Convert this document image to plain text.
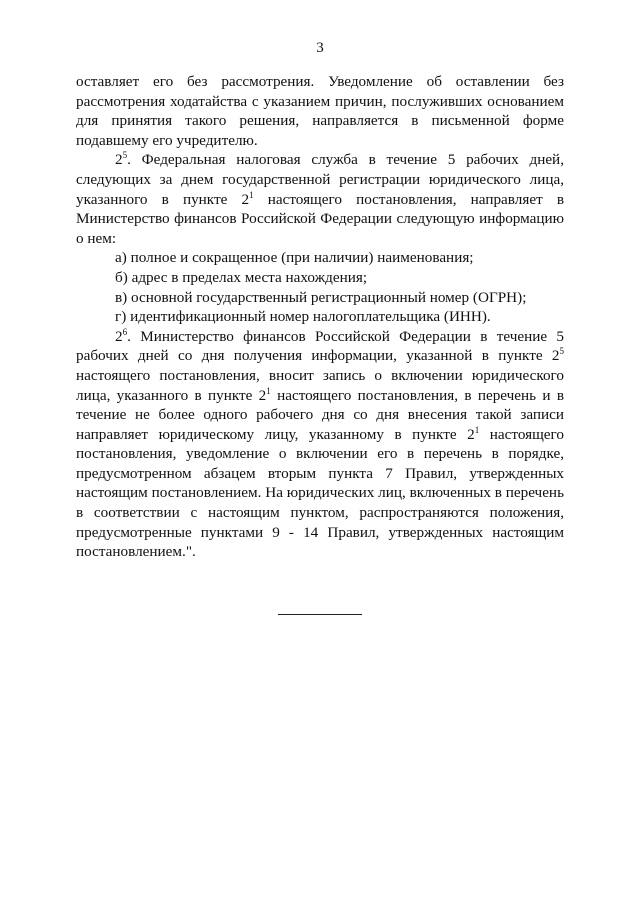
3

оставляет его без рассмотрения. Уведомление об оставлении без рассмотрения ходатайства с указанием причин, послуживших основанием для принятия такого решения, направляется в письменной форме подавшему его учредителю.

$2^5$. Федеральная налоговая служба в течение 5 рабочих дней, следующих за днем государственной регистрации юридического лица, указанного в пункте $2^1$ настоящего постановления, направляет в Министерство финансов Российской Федерации следующую информацию о нем:

а) полное и сокращенное (при наличии) наименования;

б) адрес в пределах места нахождения;

в) основной государственный регистрационный номер (ОГРН);

г) идентификационный номер налогоплательщика (ИНН).

$2^6$. Министерство финансов Российской Федерации в течение 5 рабочих дней со дня получения информации, указанной в пункте $2^5$ настоящего постановления, вносит запись о включении юридического лица, указанного в пункте $2^1$ настоящего постановления, в перечень и в течение не более одного рабочего дня со дня внесения такой записи направляет юридическому лицу, указанному в пункте $2^1$ настоящего постановления, уведомление о включении его в перечень в порядке, предусмотренном абзацем вторым пункта 7 Правил, утвержденных настоящим постановлением. На юридических лиц, включенных в перечень в соответствии с настоящим пунктом, распространяются положения, предусмотренные пунктами 9 - 14 Правил, утвержденных настоящим постановлением.".
